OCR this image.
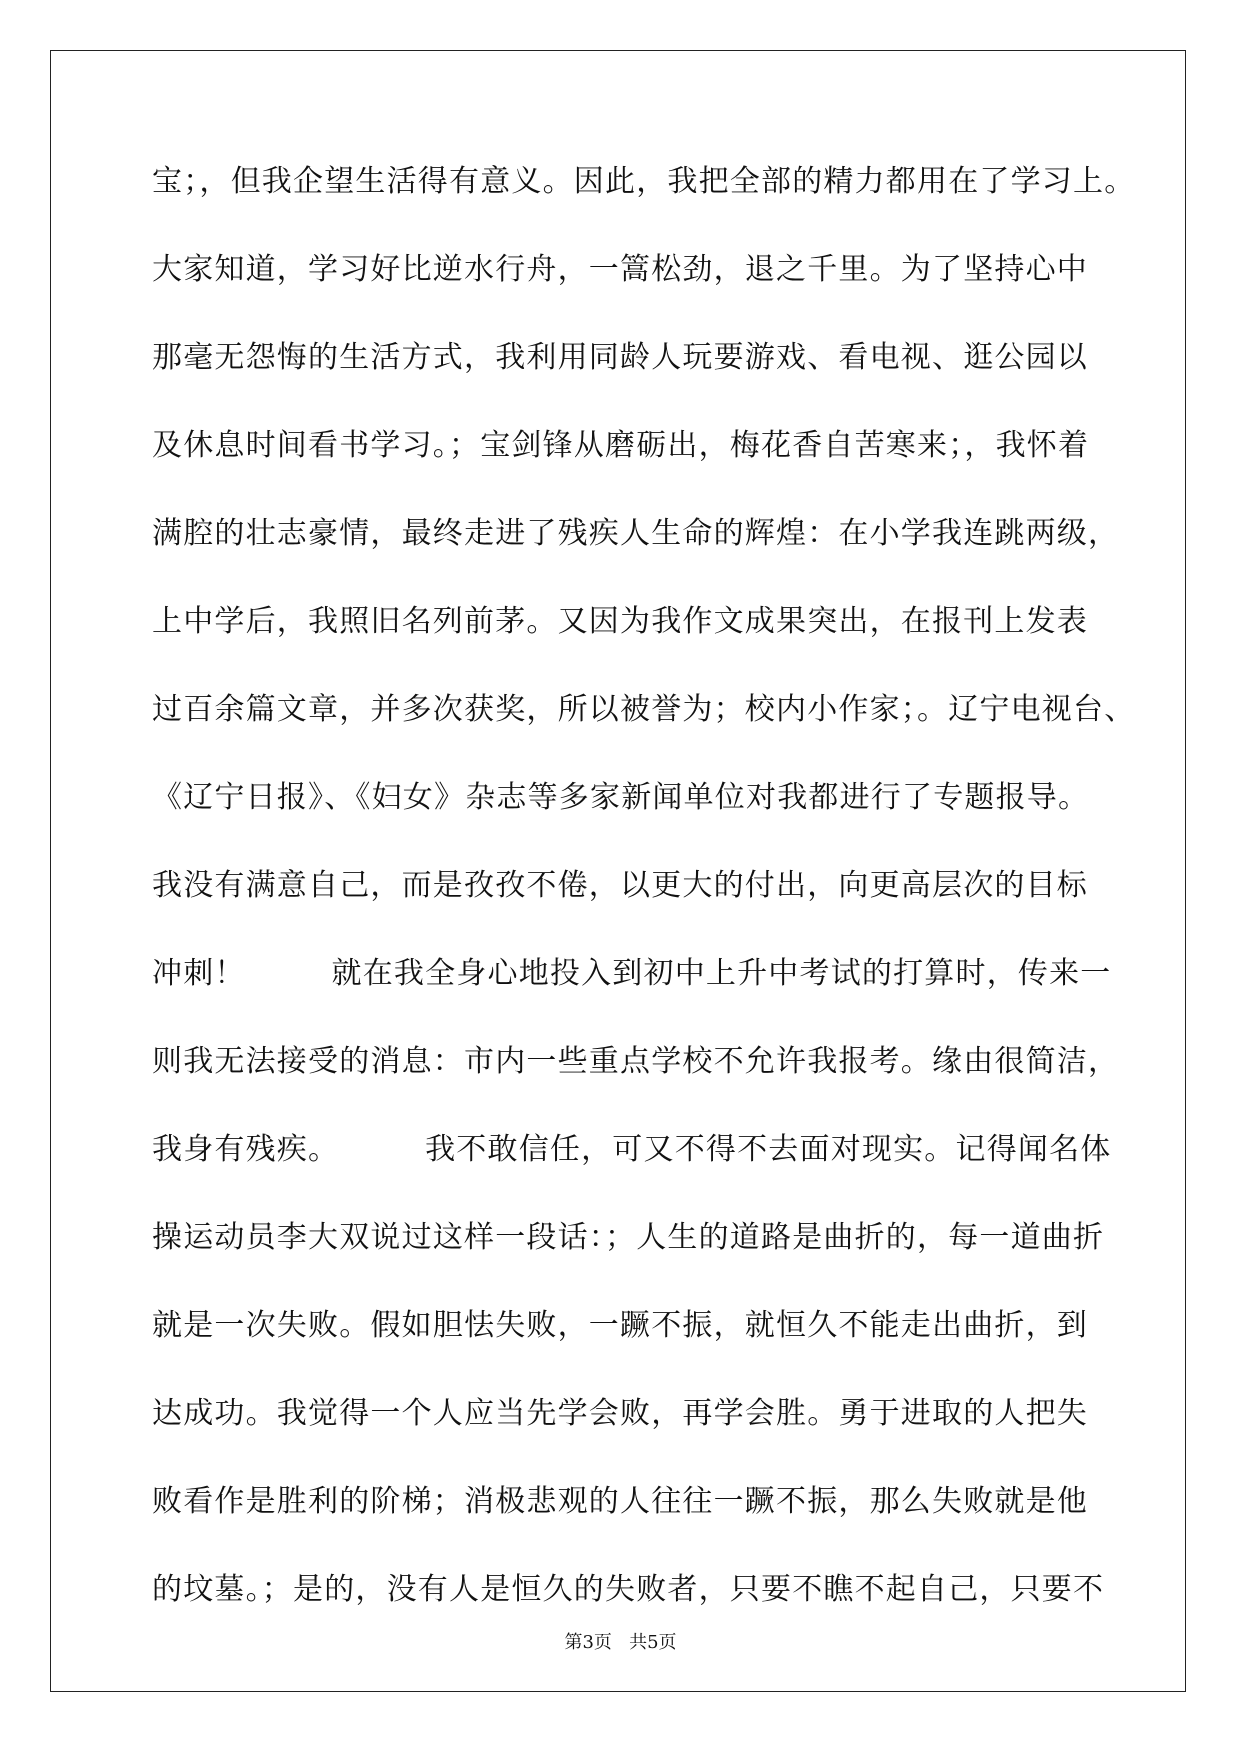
宝；，但我企望生活得有意义。因此，我把全部的精力都用在了学习上。

大家知道，学习好比逆水行舟，一篙松劲，退之千里。为了坚持心中

那毫无怨悔的生活方式，我利用同龄人玩要游戏、看电视、逛公园以

及休息时间看书学习。；宝剑锋从磨砺出，梅花香自苦寒来；，我怀着

满腔的壮志豪情，最终走进了残疾人生命的辉煌：在小学我连跳两级，

上中学后，我照旧名列前茅。又因为我作文成果突出，在报刊上发表

过百余篇文章，并多次获奖，所以被誉为；校内小作家；。辽宁电视台、

《辽宁日报》、《妇女》杂志等多家新闻单位对我都进行了专题报导。

我没有满意自己，而是孜孜不倦，以更大的付出，向更高层次的目标

冲刺！        就在我全身心地投入到初中上升中考试的打算时，传来一

则我无法接受的消息：市内一些重点学校不允许我报考。缘由很简洁，

我身有残疾。        我不敢信任，可又不得不去面对现实。记得闻名体

操运动员李大双说过这样一段话：；人生的道路是曲折的，每一道曲折

就是一次失败。假如胆怯失败，一蹶不振，就恒久不能走出曲折，到

达成功。我觉得一个人应当先学会败，再学会胜。勇于进取的人把失

败看作是胜利的阶梯；消极悲观的人往往一蹶不振，那么失败就是他

的坟墓。；是的，没有人是恒久的失败者，只要不瞧不起自己，只要不

第3页   共5页
